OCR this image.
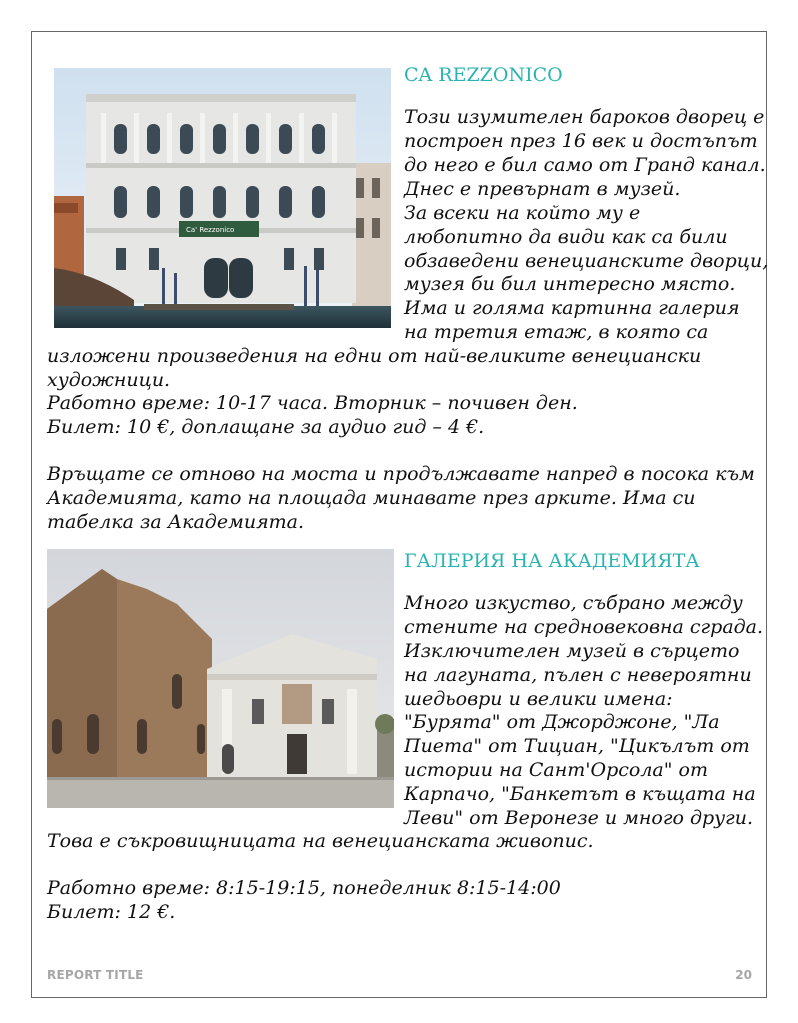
Ca' Rezzonico
CA REZZONICO

Този изумителен бароков дворец е

построен през 16 век и достъпът

до него е бил само от Гранд канал.

Днес е превърнат в музей.

За всеки на който му е

любопитно да види как са били

обзаведени венецианските дворци,

музея би бил интересно място.

Има и голяма картинна галерия

на третия етаж, в която са

изложени произведения на едни от най-великите венециански

художници.

Работно време: 10-17 часа. Вторник – почивен ден.

Билет: 10 €, доплащане за аудио гид – 4 €.

Връщате се отново на моста и продължавате напред в посока към

Академията, като на площада минавате през арките. Има си

табелка за Академията.

ГАЛЕРИЯ НА АКАДЕМИЯТА

Много изкуство, събрано между

стените на средновековна сграда.

Изключителен музей в сърцето

на лагуната, пълен с невероятни

шедьоври и велики имена:

"Бурята" от Джорджоне, "Ла

Пиета" от Тициан, "Цикълът от

истории на Сант'Орсола" от

Карпачо, "Банкетът в къщата на

Леви" от Веронезе и много други.

Това е съкровищницата на венецианската живопис.

Работно време: 8:15-19:15, понеделник 8:15-14:00

Билет: 12 €.

REPORT TITLE	20
